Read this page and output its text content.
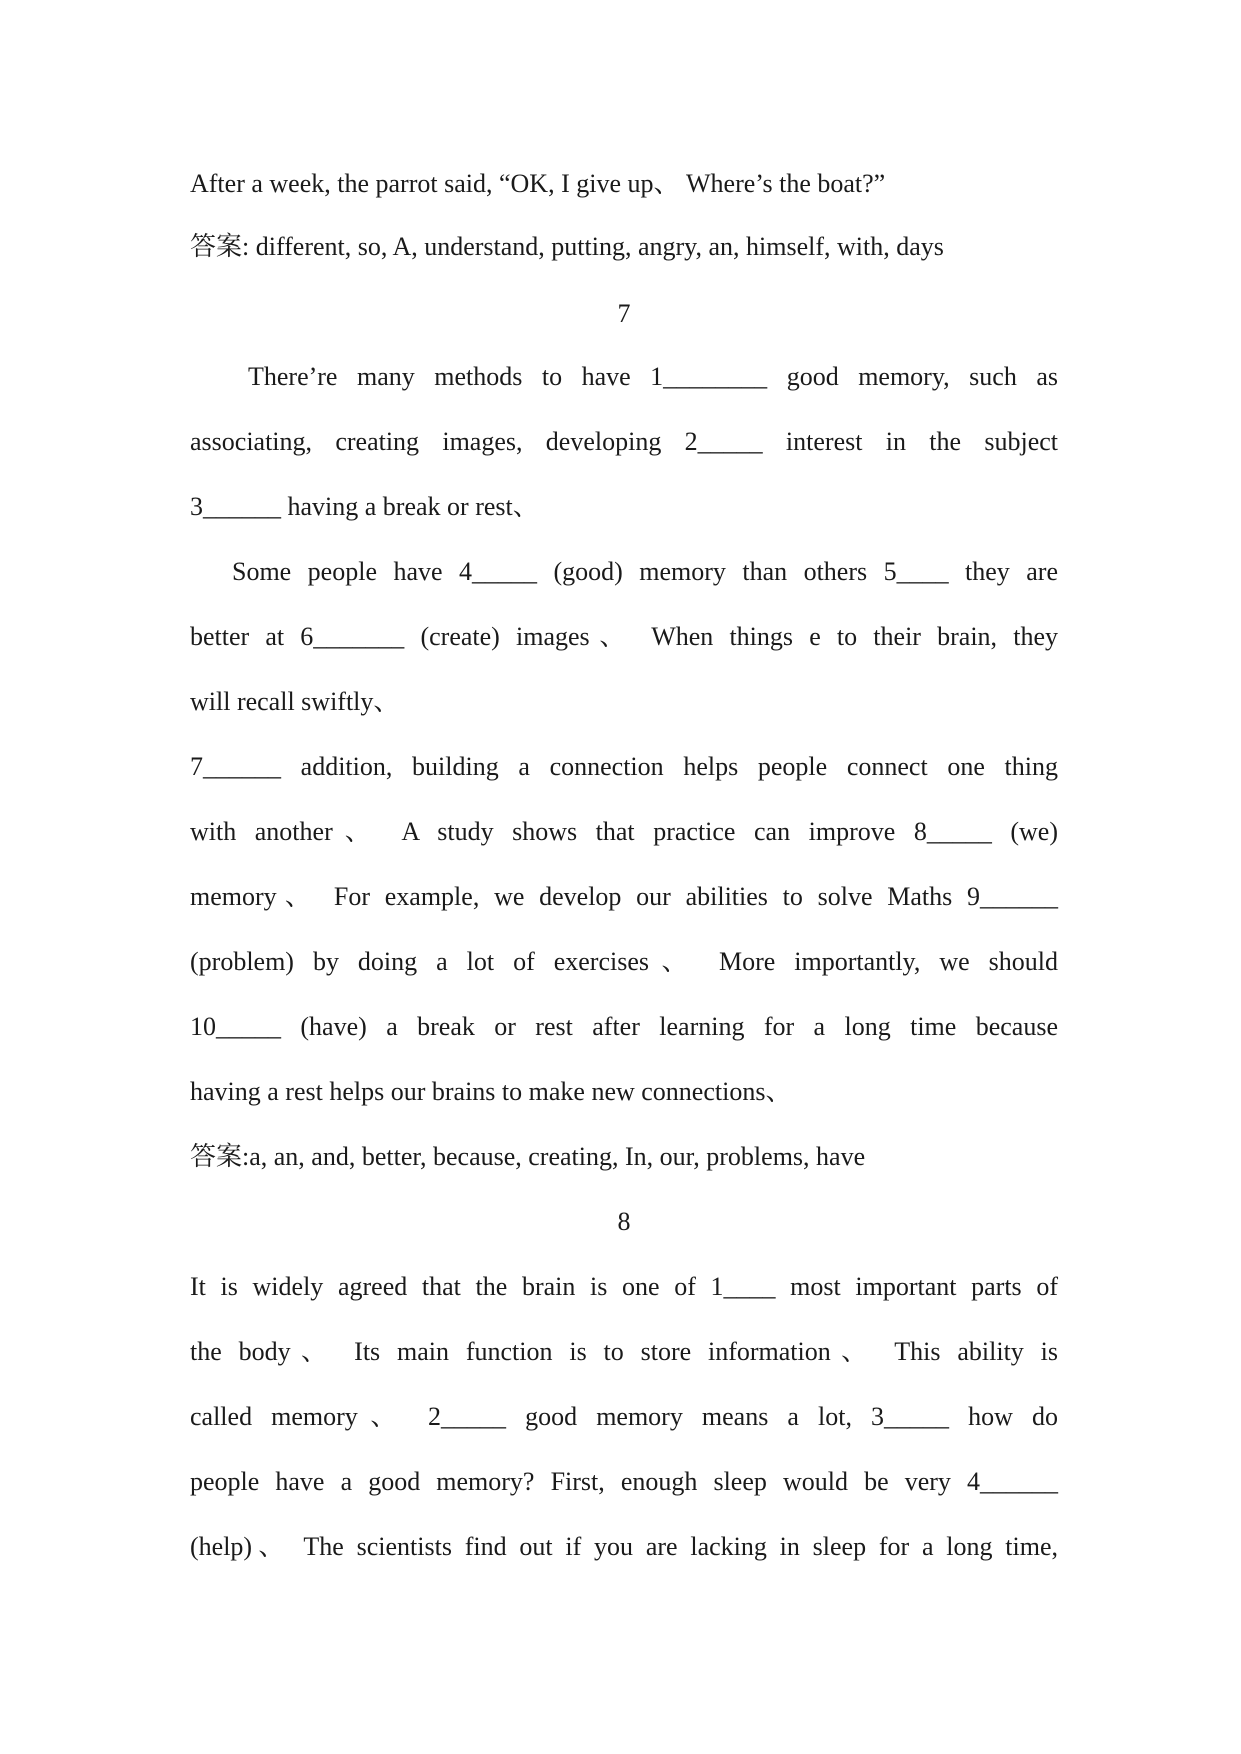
After a week, the parrot said, “OK, I give up、 Where’s the boat?”
答案: different, so, A, understand, putting, angry, an, himself, with, days
7
There’re many methods to have 1________ good memory, such as
associating, creating images, developing 2_____ interest in the subject
3______ having a break or rest、
Some people have 4_____ (good) memory than others 5____ they are
better at 6_______ (create) images、 When things e to their brain, they
will recall swiftly、
7______ addition, building a connection helps people connect one thing
with another、 A study shows that practice can improve 8_____ (we)
memory、 For example, we develop our abilities to solve Maths 9______
(problem) by doing a lot of exercises、 More importantly, we should
10_____ (have) a break or rest after learning for a long time because
having a rest helps our brains to make new connections、
答案:a, an, and, better, because, creating, In, our, problems, have
8
It is widely agreed that the brain is one of 1____ most important parts of
the body、 Its main function is to store information、 This ability is
called memory、 2_____ good memory means a lot, 3_____ how do
people have a good memory? First, enough sleep would be very 4______
(help)、 The scientists find out if you are lacking in sleep for a long time,
